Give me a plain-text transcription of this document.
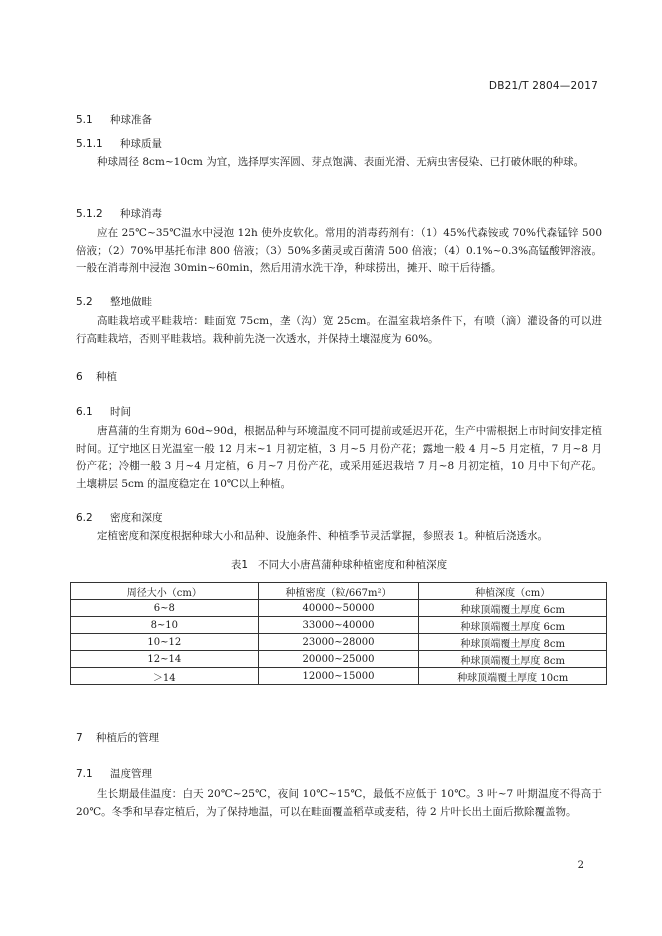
DB21/T 2804—2017
5.1 种球准备
5.1.1 种球质量

种球周径 8cm~10cm 为宜，选择厚实浑圆、芽点饱满、表面光滑、无病虫害侵染、已打破休眠的种球。

5.1.2 种球消毒

应在 25℃~35℃温水中浸泡 12h 使外皮软化。常用的消毒药剂有：（1）45%代森铵或 70%代森锰锌 500 倍液；（2）70%甲基托布津 800 倍液；（3）50%多菌灵或百菌清 500 倍液；（4）0.1%~0.3%高锰酸钾溶液。一般在消毒剂中浸泡 30min~60min，然后用清水洗干净，种球捞出，摊开、晾干后待播。

5.2 整地做畦

高畦栽培或平畦栽培：畦面宽 75cm，垄（沟）宽 25cm。在温室栽培条件下，有喷（滴）灌设备的可以进行高畦栽培，否则平畦栽培。栽种前先浇一次透水，并保持土壤湿度为 60%。

6 种植
6.1 时间

唐菖蒲的生育期为 60d~90d，根据品种与环境温度不同可提前或延迟开花，生产中需根据上市时间安排定植时间。辽宁地区日光温室一般 12 月末~1 月初定植，3 月~5 月份产花；露地一般 4 月~5 月定植，7 月~8 月份产花；冷棚一般 3 月~4 月定植，6 月~7 月份产花，或采用延迟栽培 7 月~8 月初定植，10 月中下旬产花。土壤耕层 5cm 的温度稳定在 10℃以上种植。

6.2 密度和深度

定植密度和深度根据种球大小和品种、设施条件、种植季节灵活掌握，参照表 1。种植后浇透水。

表1 不同大小唐菖蒲种球种植密度和种植深度
周径大小（cm）	种植密度（粒/667m²）	种植深度（cm）
6~8	40000~50000	种球顶端覆土厚度 6cm
8~10	33000~40000	种球顶端覆土厚度 6cm
10~12	23000~28000	种球顶端覆土厚度 8cm
12~14	20000~25000	种球顶端覆土厚度 8cm
＞14	12000~15000	种球顶端覆土厚度 10cm
7 种植后的管理
7.1 温度管理

生长期最佳温度：白天 20℃~25℃，夜间 10℃~15℃，最低不应低于 10℃。3 叶~7 叶期温度不得高于 20℃。冬季和早春定植后，为了保持地温，可以在畦面覆盖稻草或麦秸，待 2 片叶长出土面后揿除覆盖物。

2
